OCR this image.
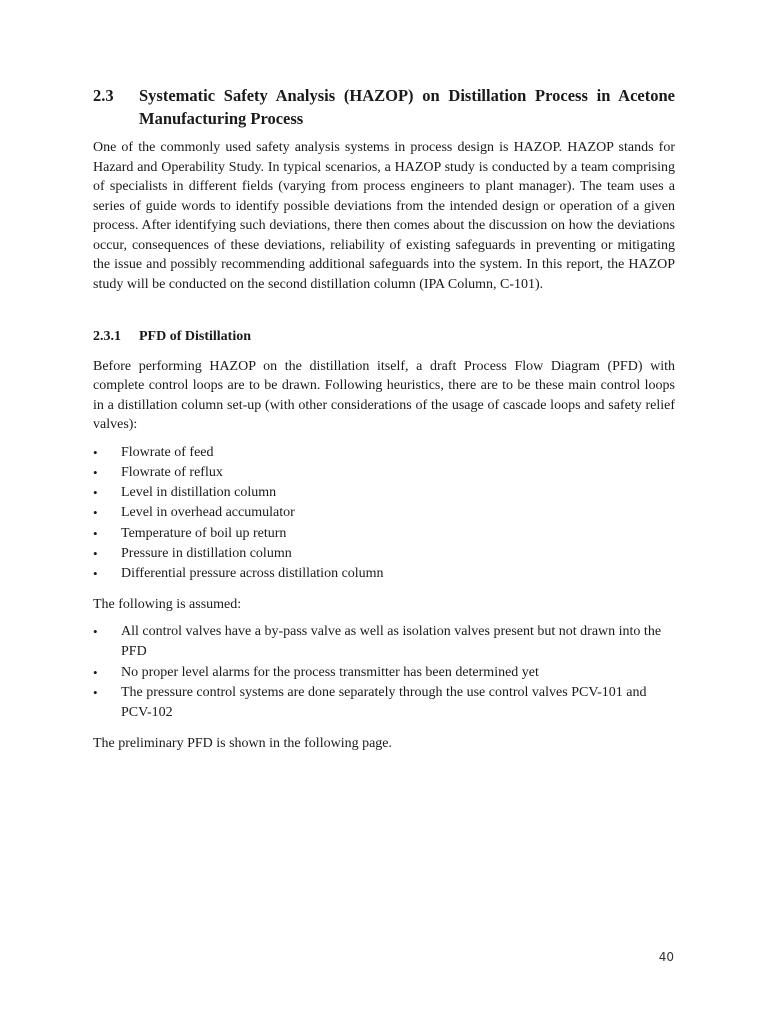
2.3	Systematic Safety Analysis (HAZOP) on Distillation Process in Acetone Manufacturing Process

One of the commonly used safety analysis systems in process design is HAZOP. HAZOP stands for Hazard and Operability Study. In typical scenarios, a HAZOP study is conducted by a team comprising of specialists in different fields (varying from process engineers to plant manager). The team uses a series of guide words to identify possible deviations from the intended design or operation of a given process. After identifying such deviations, there then comes about the discussion on how the deviations occur, consequences of these deviations, reliability of existing safeguards in preventing or mitigating the issue and possibly recommending additional safeguards into the system. In this report, the HAZOP study will be conducted on the second distillation column (IPA Column, C-101).

2.3.1	PFD of Distillation

Before performing HAZOP on the distillation itself, a draft Process Flow Diagram (PFD) with complete control loops are to be drawn. Following heuristics, there are to be these main control loops in a distillation column set-up (with other considerations of the usage of cascade loops and safety relief valves):

•	Flowrate of feed
•	Flowrate of reflux
•	Level in distillation column
•	Level in overhead accumulator
•	Temperature of boil up return
•	Pressure in distillation column
•	Differential pressure across distillation column

The following is assumed:

•	All control valves have a by-pass valve as well as isolation valves present but not drawn into the PFD
•	No proper level alarms for the process transmitter has been determined yet
•	The pressure control systems are done separately through the use control valves PCV-101 and PCV-102

The preliminary PFD is shown in the following page.

40
